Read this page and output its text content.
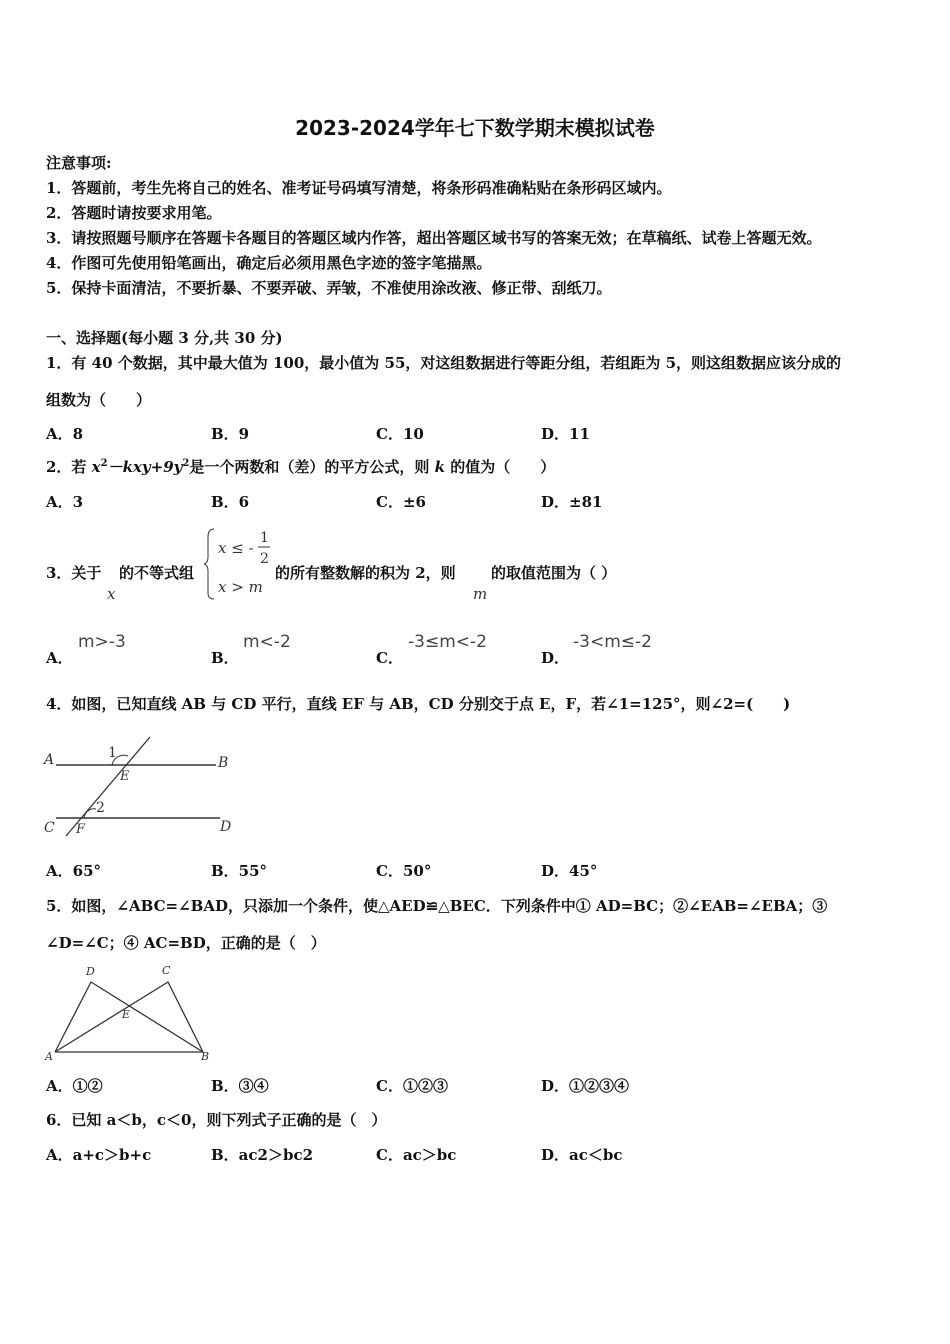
2023-2024学年七下数学期末模拟试卷
注意事项:
1．答题前，考生先将自己的姓名、准考证号码填写清楚，将条形码准确粘贴在条形码区域内。
2．答题时请按要求用笔。
3．请按照题号顺序在答题卡各题目的答题区域内作答，超出答题区域书写的答案无效；在草稿纸、试卷上答题无效。
4．作图可先使用铅笔画出，确定后必须用黑色字迹的签字笔描黑。
5．保持卡面清洁，不要折暴、不要弄破、弄皱，不准使用涂改液、修正带、刮纸刀。
一、选择题(每小题 3 分,共 30 分)
1．有 40 个数据，其中最大值为 100，最小值为 55，对这组数据进行等距分组，若组距为 5，则这组数据应该分成的
组数为（　　）
A．8	B．9	C．10	D．11
2．若 $x^2-kxy+9y^2$是一个两数和（差）的平方公式，则 k 的值为（　　）
A．3	B．6	C．±6	D．±81
3．关于
x
的不等式组
x ≤ -
1
2
x > m
的所有整数解的积为 2，则
m
的取值范围为（ ）
A．
m>-3
B．
m<-2
C．
-3≤m<-2
D．
-3<m≤-2
4．如图，已知直线 AB 与 CD 平行，直线 EF 与 AB，CD 分别交于点 E，F，若∠1=125°，则∠2=(　　)
A	B
C	D
E
F
1
2
A．65°	B．55°	C．50°	D．45°
5．如图，∠ABC=∠BAD，只添加一个条件，使△AED≌△BEC．下列条件中① AD=BC；②∠EAB=∠EBA；③
∠D=∠C；④ AC=BD，正确的是（　）
D	C
E
A	B
A．①②	B．③④	C．①②③	D．①②③④
6．已知 a＜b，c＜0，则下列式子正确的是（　）
A．a+c＞b+c	B．ac2＞bc2	C．ac＞bc	D．ac＜bc
